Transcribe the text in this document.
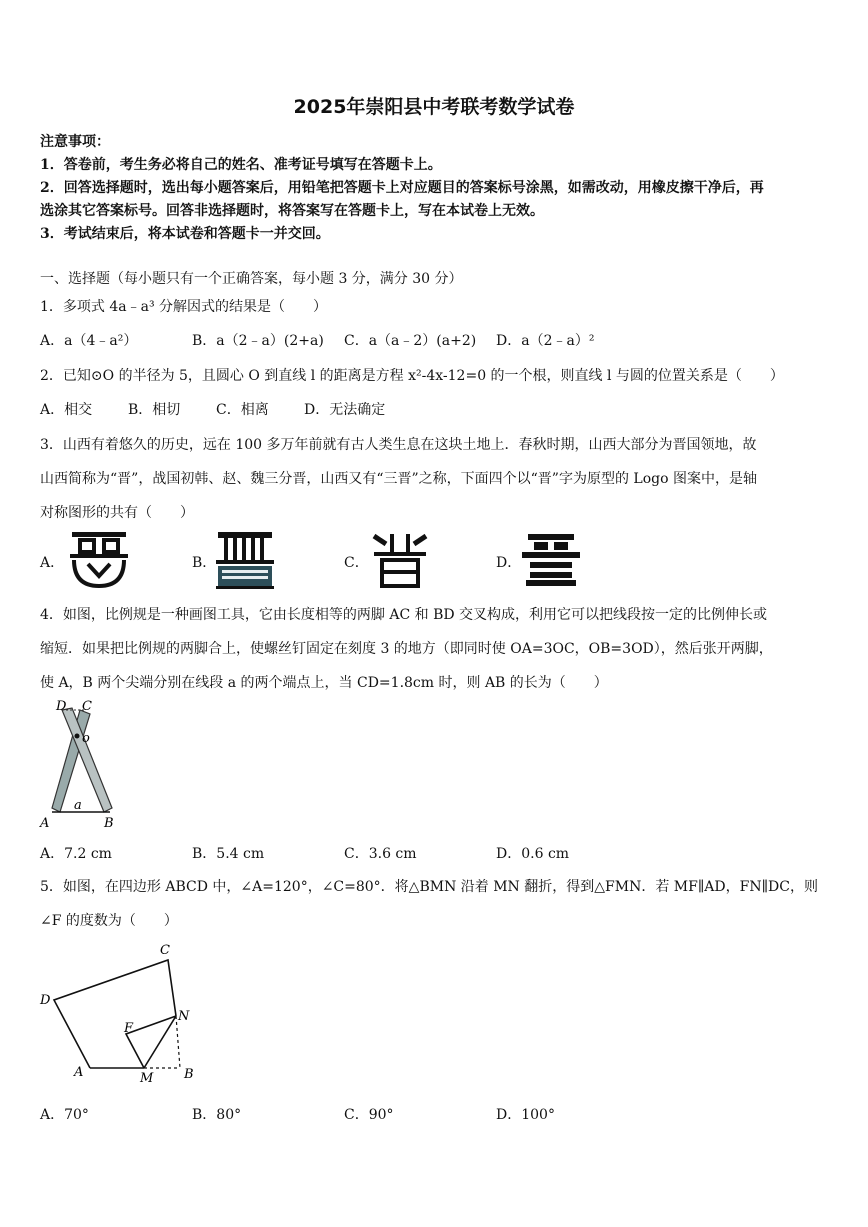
2025年崇阳县中考联考数学试卷
注意事项：
1．答卷前，考生务必将自己的姓名、准考证号填写在答题卡上。
2．回答选择题时，选出每小题答案后，用铅笔把答题卡上对应题目的答案标号涂黑，如需改动，用橡皮擦干净后，再
选涂其它答案标号。回答非选择题时，将答案写在答题卡上，写在本试卷上无效。
3．考试结束后，将本试卷和答题卡一并交回。
一、选择题（每小题只有一个正确答案，每小题 3 分，满分 30 分）
1．多项式 4a﹣a³ 分解因式的结果是（　　）
A．a（4﹣a²）	B．a（2﹣a）(2+a) C．a（a﹣2）(a+2) D．a（2﹣a）²
2．已知⊙O 的半径为 5，且圆心 O 到直线 l 的距离是方程 x²-4x-12=0 的一个根，则直线 l 与圆的位置关系是（　　）
A．相交	B．相切	C．相离	D．无法确定
3．山西有着悠久的历史，远在 100 多万年前就有古人类生息在这块土地上．春秋时期，山西大部分为晋国领地，故
山西简称为“晋”，战国初韩、赵、魏三分晋，山西又有“三晋”之称，下面四个以“晋”字为原型的 Logo 图案中，是轴
对称图形的共有（　　）
A．	B．	C．	D．
4．如图，比例规是一种画图工具，它由长度相等的两脚 AC 和 BD 交叉构成，利用它可以把线段按一定的比例伸长或
缩短．如果把比例规的两脚合上，使螺丝钉固定在刻度 3 的地方（即同时使 OA=3OC，OB=3OD），然后张开两脚，
使 A，B 两个尖端分别在线段 a 的两个端点上，当 CD=1.8cm 时，则 AB 的长为（　　）
D C
o
a
A	B
A．7.2 cm	B．5.4 cm	C．3.6 cm	D．0.6 cm
5．如图，在四边形 ABCD 中，∠A=120°，∠C=80°．将△BMN 沿着 MN 翻折，得到△FMN．若 MF∥AD，FN∥DC，则
∠F 的度数为（　　）
C
D
F
N
A	M B
A．70°	B．80°	C．90°	D．100°
